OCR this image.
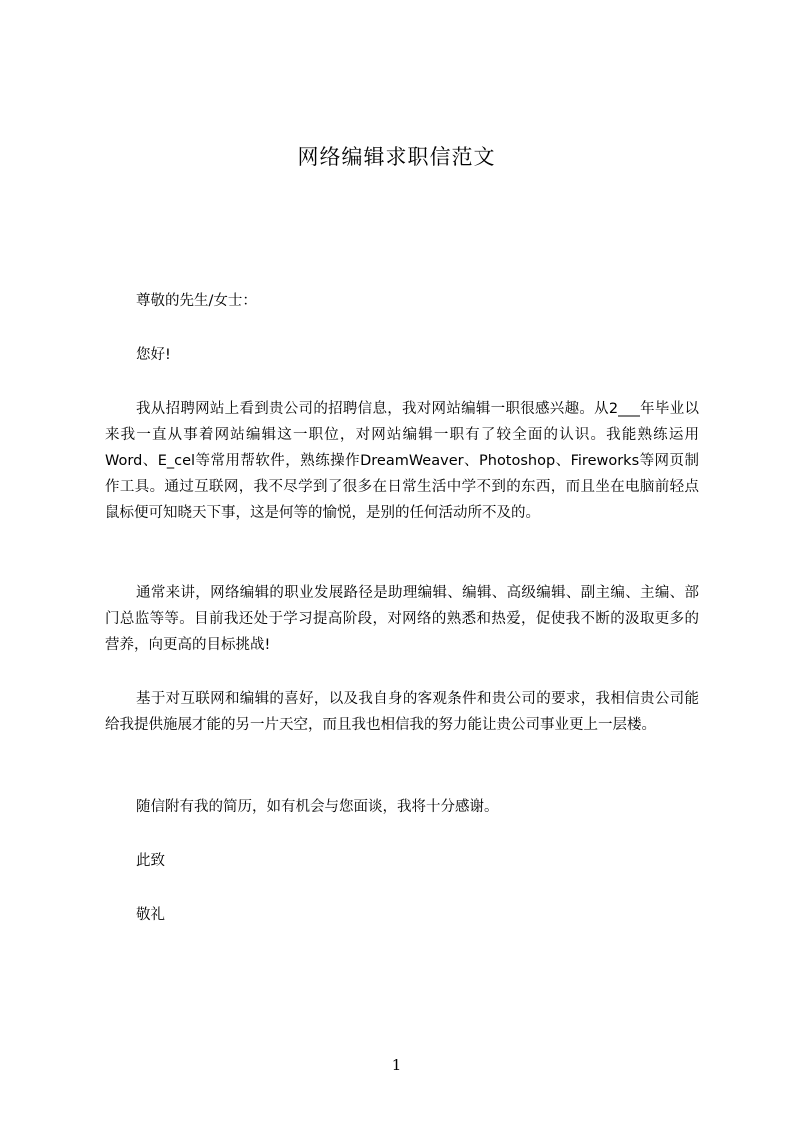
网络编辑求职信范文

尊敬的先生/女士：

您好!

我从招聘网站上看到贵公司的招聘信息，我对网站编辑一职很感兴趣。从2___年毕业以来我一直从事着网站编辑这一职位，对网站编辑一职有了较全面的认识。我能熟练运用Word、E_cel等常用帮软件，熟练操作DreamWeaver、Photoshop、Fireworks等网页制作工具。通过互联网，我不尽学到了很多在日常生活中学不到的东西，而且坐在电脑前轻点鼠标便可知晓天下事，这是何等的愉悦，是别的任何活动所不及的。

通常来讲，网络编辑的职业发展路径是助理编辑、编辑、高级编辑、副主编、主编、部门总监等等。目前我还处于学习提高阶段，对网络的熟悉和热爱，促使我不断的汲取更多的营养，向更高的目标挑战!

基于对互联网和编辑的喜好，以及我自身的客观条件和贵公司的要求，我相信贵公司能给我提供施展才能的另一片天空，而且我也相信我的努力能让贵公司事业更上一层楼。

随信附有我的简历，如有机会与您面谈，我将十分感谢。

此致

敬礼

1
